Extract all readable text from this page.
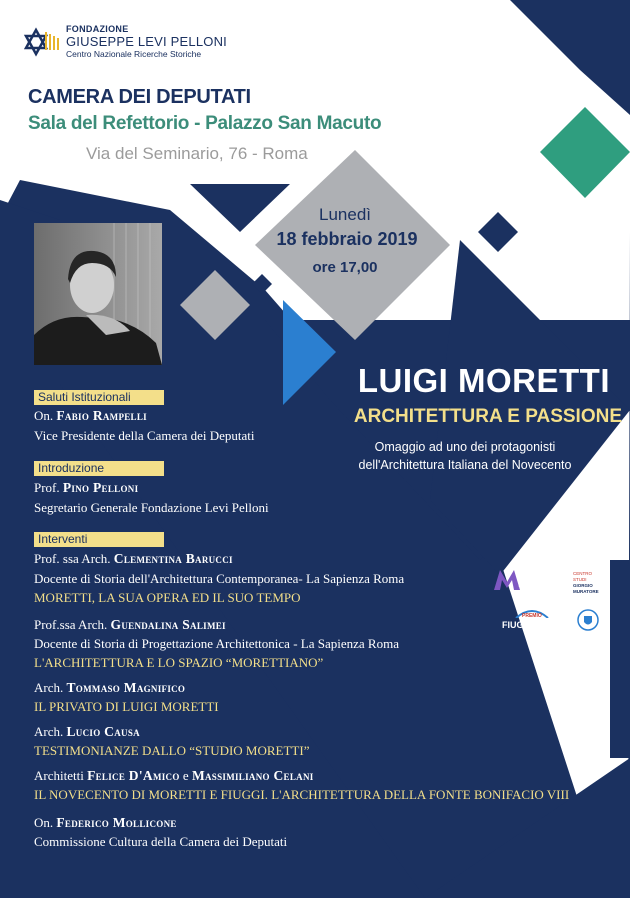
FONDAZIONE
GIUSEPPE LEVI PELLONI
Centro Nazionale Ricerche Storiche
CAMERA DEI DEPUTATI
Sala del Refettorio - Palazzo San Macuto
Via del Seminario, 76 - Roma
Lunedì
18 febbraio 2019
ore 17,00
LUIGI MORETTI
ARCHITETTURA E PASSIONE
Omaggio ad uno dei protagonisti
dell'Architettura Italiana del Novecento
Saluti Istituzionali
On. Fabio Rampelli
Vice Presidente della Camera dei Deputati
Introduzione
Prof. Pino Pelloni
Segretario Generale Fondazione Levi Pelloni
Interventi
Prof. ssa Arch. Clementina Barucci
Docente di Storia dell'Architettura Contemporanea- La Sapienza Roma
MORETTI, LA SUA OPERA ED IL SUO TEMPO
Prof.ssa Arch. Guendalina Salimei
Docente di Storia di Progettazione Architettonica - La Sapienza Roma
L'ARCHITETTURA E LO SPAZIO “MORETTIANO”
Arch. Tommaso Magnifico
IL PRIVATO DI LUIGI MORETTI
Arch. Lucio Causa
TESTIMONIANZE DALLO “STUDIO MORETTI”
Architetti Felice D'Amico e Massimiliano Celani
IL NOVECENTO DI MORETTI E FIUGGI. L'ARCHITETTURA DELLA FONTE BONIFACIO VIII
On. Federico Mollicone
Commissione Cultura della Camera dei Deputati
SERVIZI TECNICI
MEDIA
EVENTI
CENTRO
STUDI
GIORGIO
MURATORE
PREMIO
FIUGGI-STORIA
LABORATORIO
FIUGGI
